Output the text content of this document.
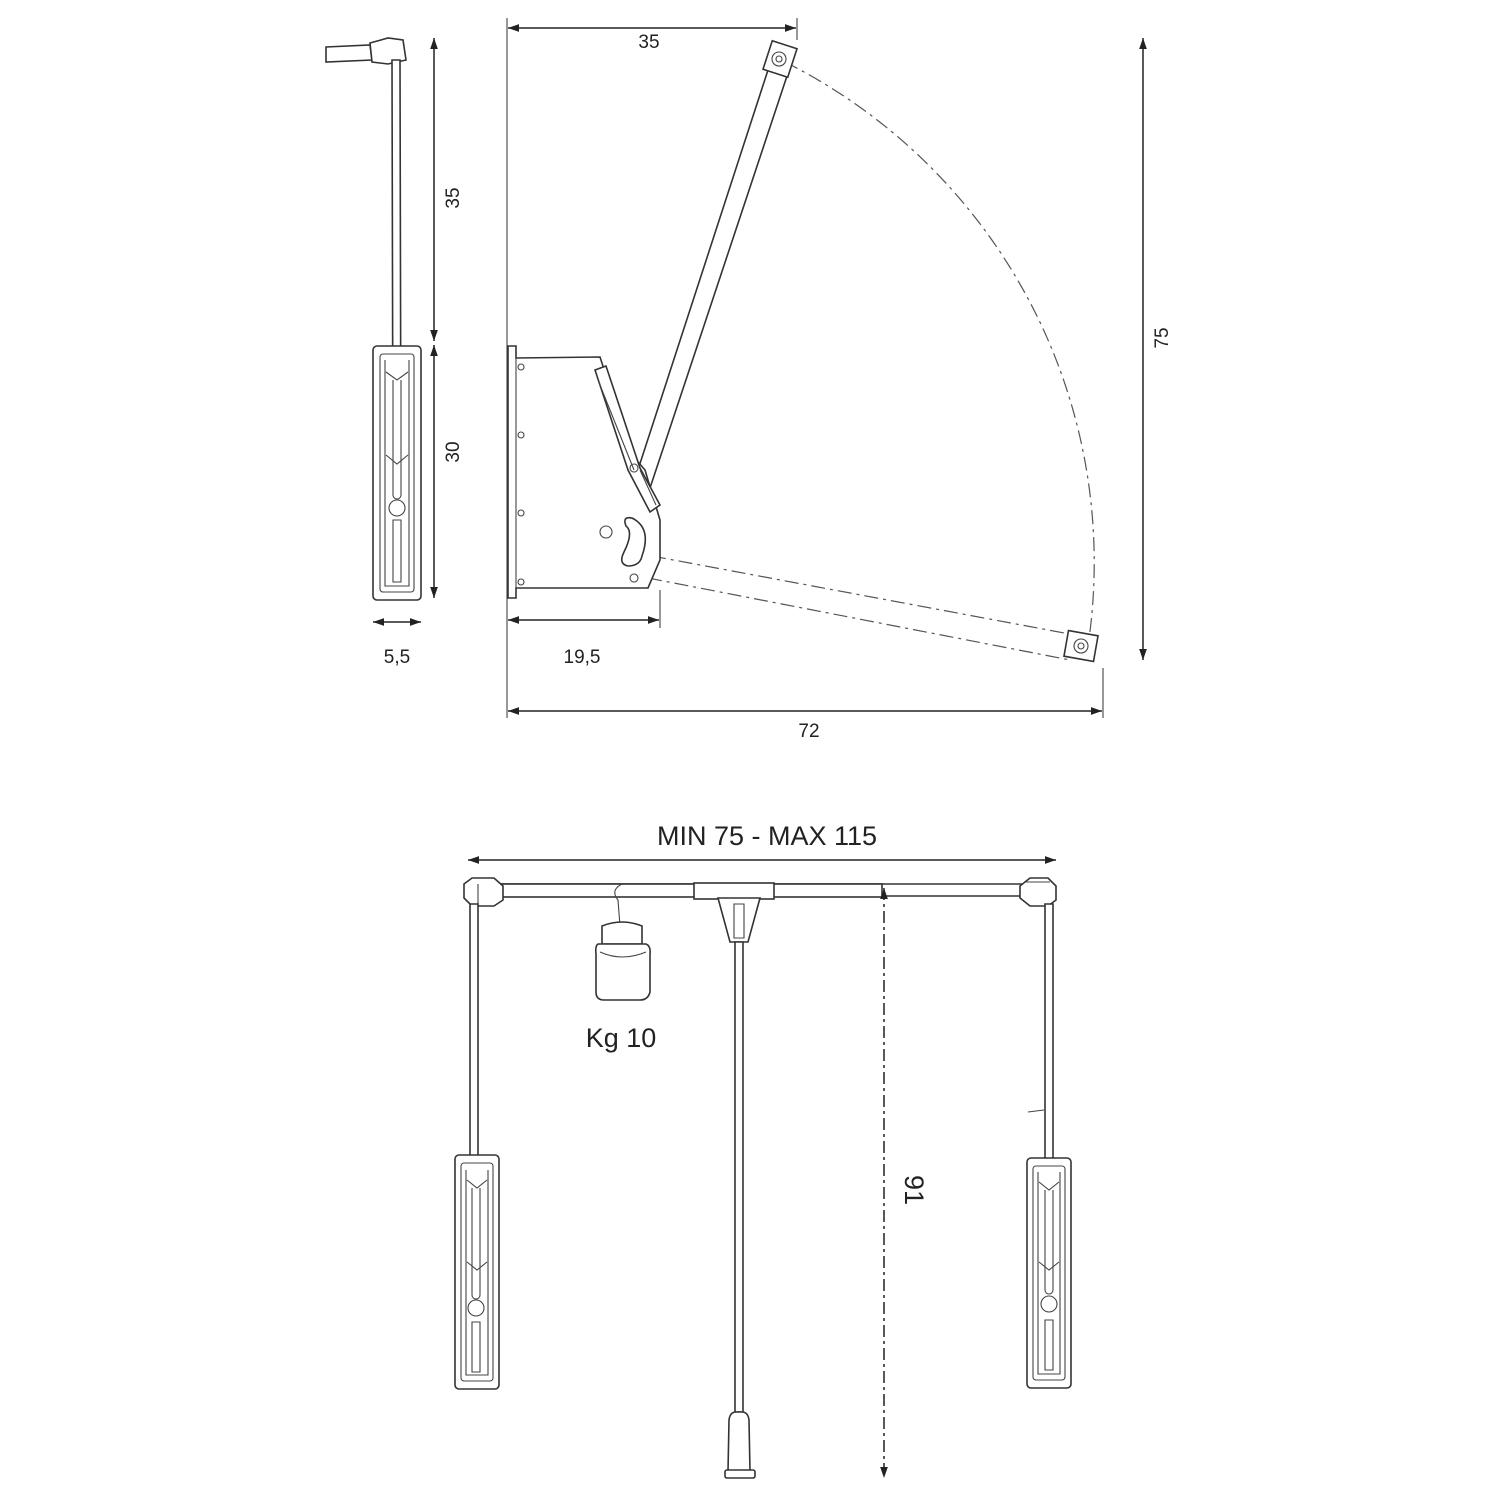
35
30
5,5
35
75
19,5
72
MIN 75 - MAX 115
Kg 10
91
